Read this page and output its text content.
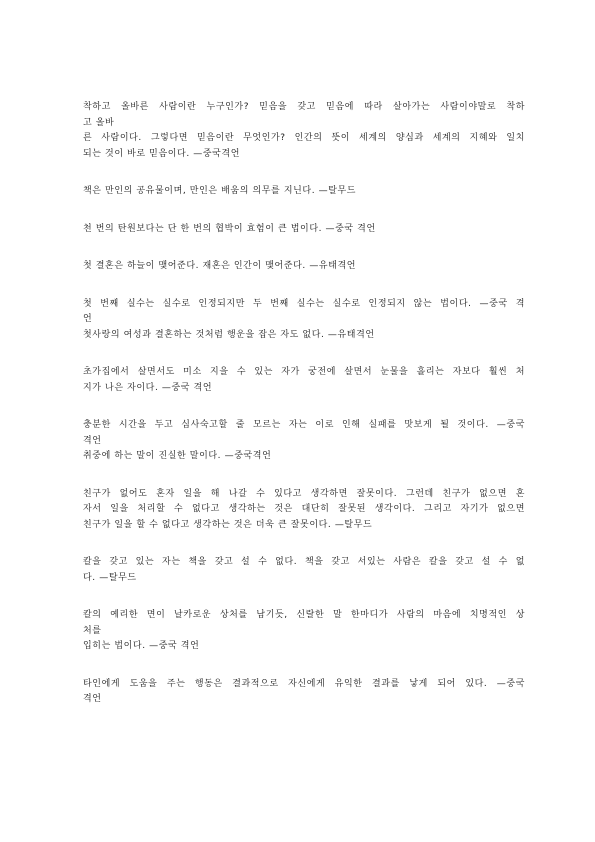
착하고 올바른 사람이란 누구인가? 믿음을 갖고 믿음에 따라 살아가는 사람이야말로 착하
고 올바
른 사람이다. 그렇다면 믿음이란 무엇인가? 인간의 뜻이 세계의 양심과 세계의 지혜와 일치
되는 것이 바로 믿음이다. —중국격언
책은 만인의 공유물이며, 만인은 배움의 의무를 지닌다. —탈무드
천 번의 탄원보다는 단 한 번의 협박이 효험이 큰 법이다. —중국 격언
첫 결혼은 하늘이 맺어준다. 재혼은 인간이 맺어준다. —유태격언
첫 번째 실수는 실수로 인정되지만 두 번째 실수는 실수로 인정되지 않는 법이다. —중국 격
언
첫사랑의 여성과 결혼하는 것처럼 행운을 잡은 자도 없다. —유태격언
초가집에서 살면서도 미소 지을 수 있는 자가 궁전에 살면서 눈물을 흘리는 자보다 훨씬 처
지가 나은 자이다. —중국 격언
충분한 시간을 두고 심사숙고할 줄 모르는 자는 이로 인해 실패를 맛보게 될 것이다. —중국
격언
취중에 하는 말이 진실한 말이다. —중국격언
친구가 없어도 혼자 일을 해 나갈 수 있다고 생각하면 잘못이다. 그런데 친구가 없으면 혼
자서 일을 처리할 수 없다고 생각하는 것은 대단히 잘못된 생각이다. 그리고 자기가 없으면
친구가 일을 할 수 없다고 생각하는 것은 더욱 큰 잘못이다. —탈무드
칼을 갖고 있는 자는 책을 갖고 설 수 없다. 책을 갖고 서있는 사람은 칼을 갖고 설 수 없
다. —탈무드
칼의 예리한 면이 날카로운 상처를 남기듯, 신랄한 말 한마디가 사람의 마음에 치명적인 상
처를
입히는 법이다. —중국 격언
타인에게 도움을 주는 행동은 결과적으로 자신에게 유익한 결과를 낳게 되어 있다. —중국
격언
